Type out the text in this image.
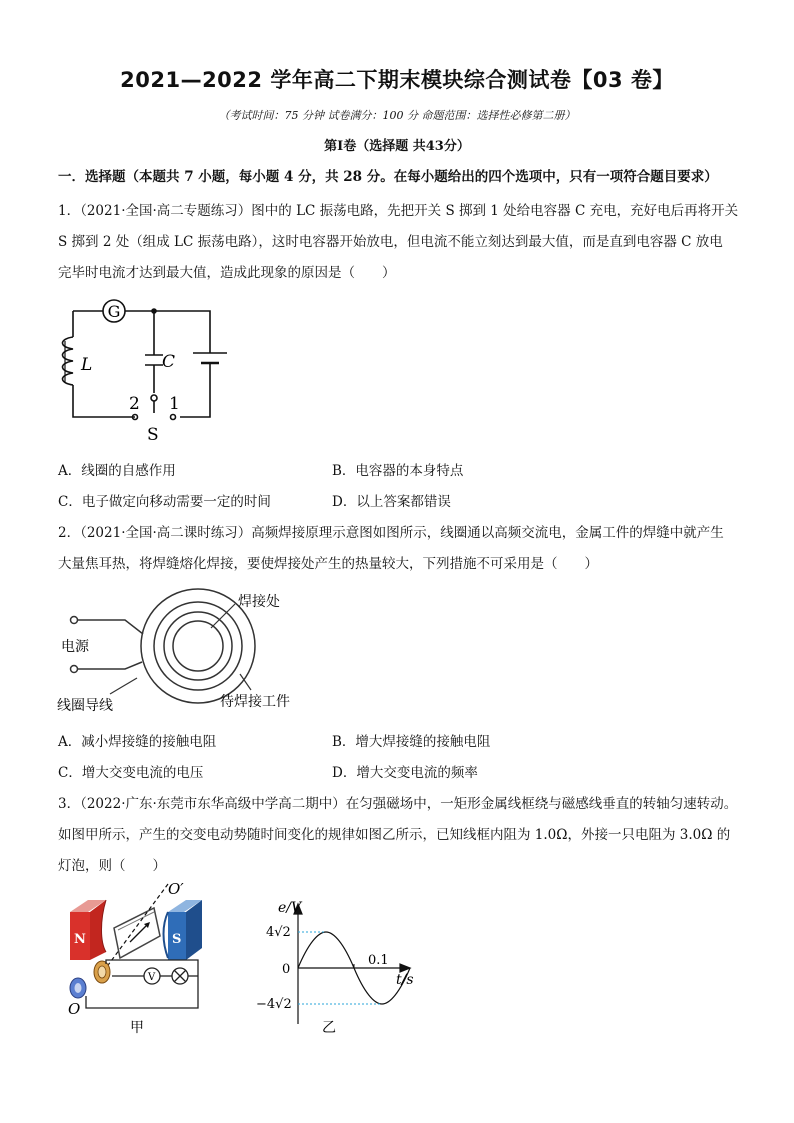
2021—2022 学年高二下期末模块综合测试卷【03 卷】
（考试时间：75 分钟 试卷满分：100 分 命题范围：选择性必修第二册）
第Ⅰ卷（选择题 共43分）
一．选择题（本题共 7 小题，每小题 4 分，共 28 分。在每小题给出的四个选项中，只有一项符合题目要求）
1．（2021·全国·高二专题练习）图中的 LC 振荡电路，先把开关 S 掷到 1 处给电容器 C 充电，充好电后再将开关
S 掷到 2 处（组成 LC 振荡电路），这时电容器开始放电，但电流不能立刻达到最大值，而是直到电容器 C 放电
完毕时电流才达到最大值，造成此现象的原因是（　　）
G
L	C
2 1
S
A．线圈的自感作用	B．电容器的本身特点
C．电子做定向移动需要一定的时间	D．以上答案都错误
2．（2021·全国·高二课时练习）高频焊接原理示意图如图所示，线圈通以高频交流电，金属工件的焊缝中就产生
大量焦耳热，将焊缝熔化焊接，要使焊接处产生的热量较大，下列措施不可采用是（　　）
焊接处
电源
线圈导线	待焊接工件
A．减小焊接缝的接触电阻	B．增大焊接缝的接触电阻
C．增大交变电流的电压	D．增大交变电流的频率
3．（2022·广东·东莞市东华高级中学高二期中）在匀强磁场中，一矩形金属线框绕与磁感线垂直的转轴匀速转动。
如图甲所示，产生的交变电动势随时间变化的规律如图乙所示，已知线框内阻为 1.0Ω，外接一只电阻为 3.0Ω 的
灯泡，则（　　）
N	S
O′
O
V
甲
e/V
4√2
0
−4√2
0.1
t/s
乙
